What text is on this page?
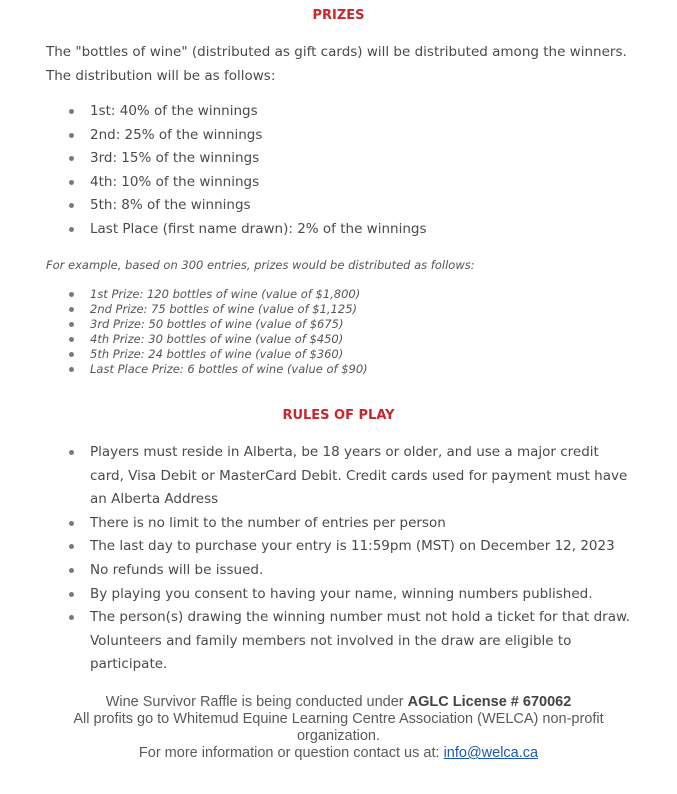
PRIZES
The "bottles of wine" (distributed as gift cards) will be distributed among the winners.
The distribution will be as follows:
1st: 40% of the winnings
2nd: 25% of the winnings
3rd: 15% of the winnings
4th: 10% of the winnings
5th: 8% of the winnings
Last Place (first name drawn): 2% of the winnings

For example, based on 300 entries, prizes would be distributed as follows:

1st Prize: 120 bottles of wine (value of $1,800)
2nd Prize: 75 bottles of wine (value of $1,125)
3rd Prize: 50 bottles of wine (value of $675)
4th Prize: 30 bottles of wine (value of $450)
5th Prize: 24 bottles of wine (value of $360)
Last Place Prize: 6 bottles of wine (value of $90)
RULES OF PLAY
Players must reside in Alberta, be 18 years or older, and use a major credit card, Visa Debit or MasterCard Debit. Credit cards used for payment must have an Alberta Address
There is no limit to the number of entries per person
The last day to purchase your entry is 11:59pm (MST) on December 12, 2023
No refunds will be issued.
By playing you consent to having your name, winning numbers published.
The person(s) drawing the winning number must not hold a ticket for that draw. Volunteers and family members not involved in the draw are eligible to participate.

Wine Survivor Raffle is being conducted under AGLC License # 670062

All profits go to Whitemud Equine Learning Centre Association (WELCA) non-profit organization.

For more information or question contact us at: info@welca.ca
